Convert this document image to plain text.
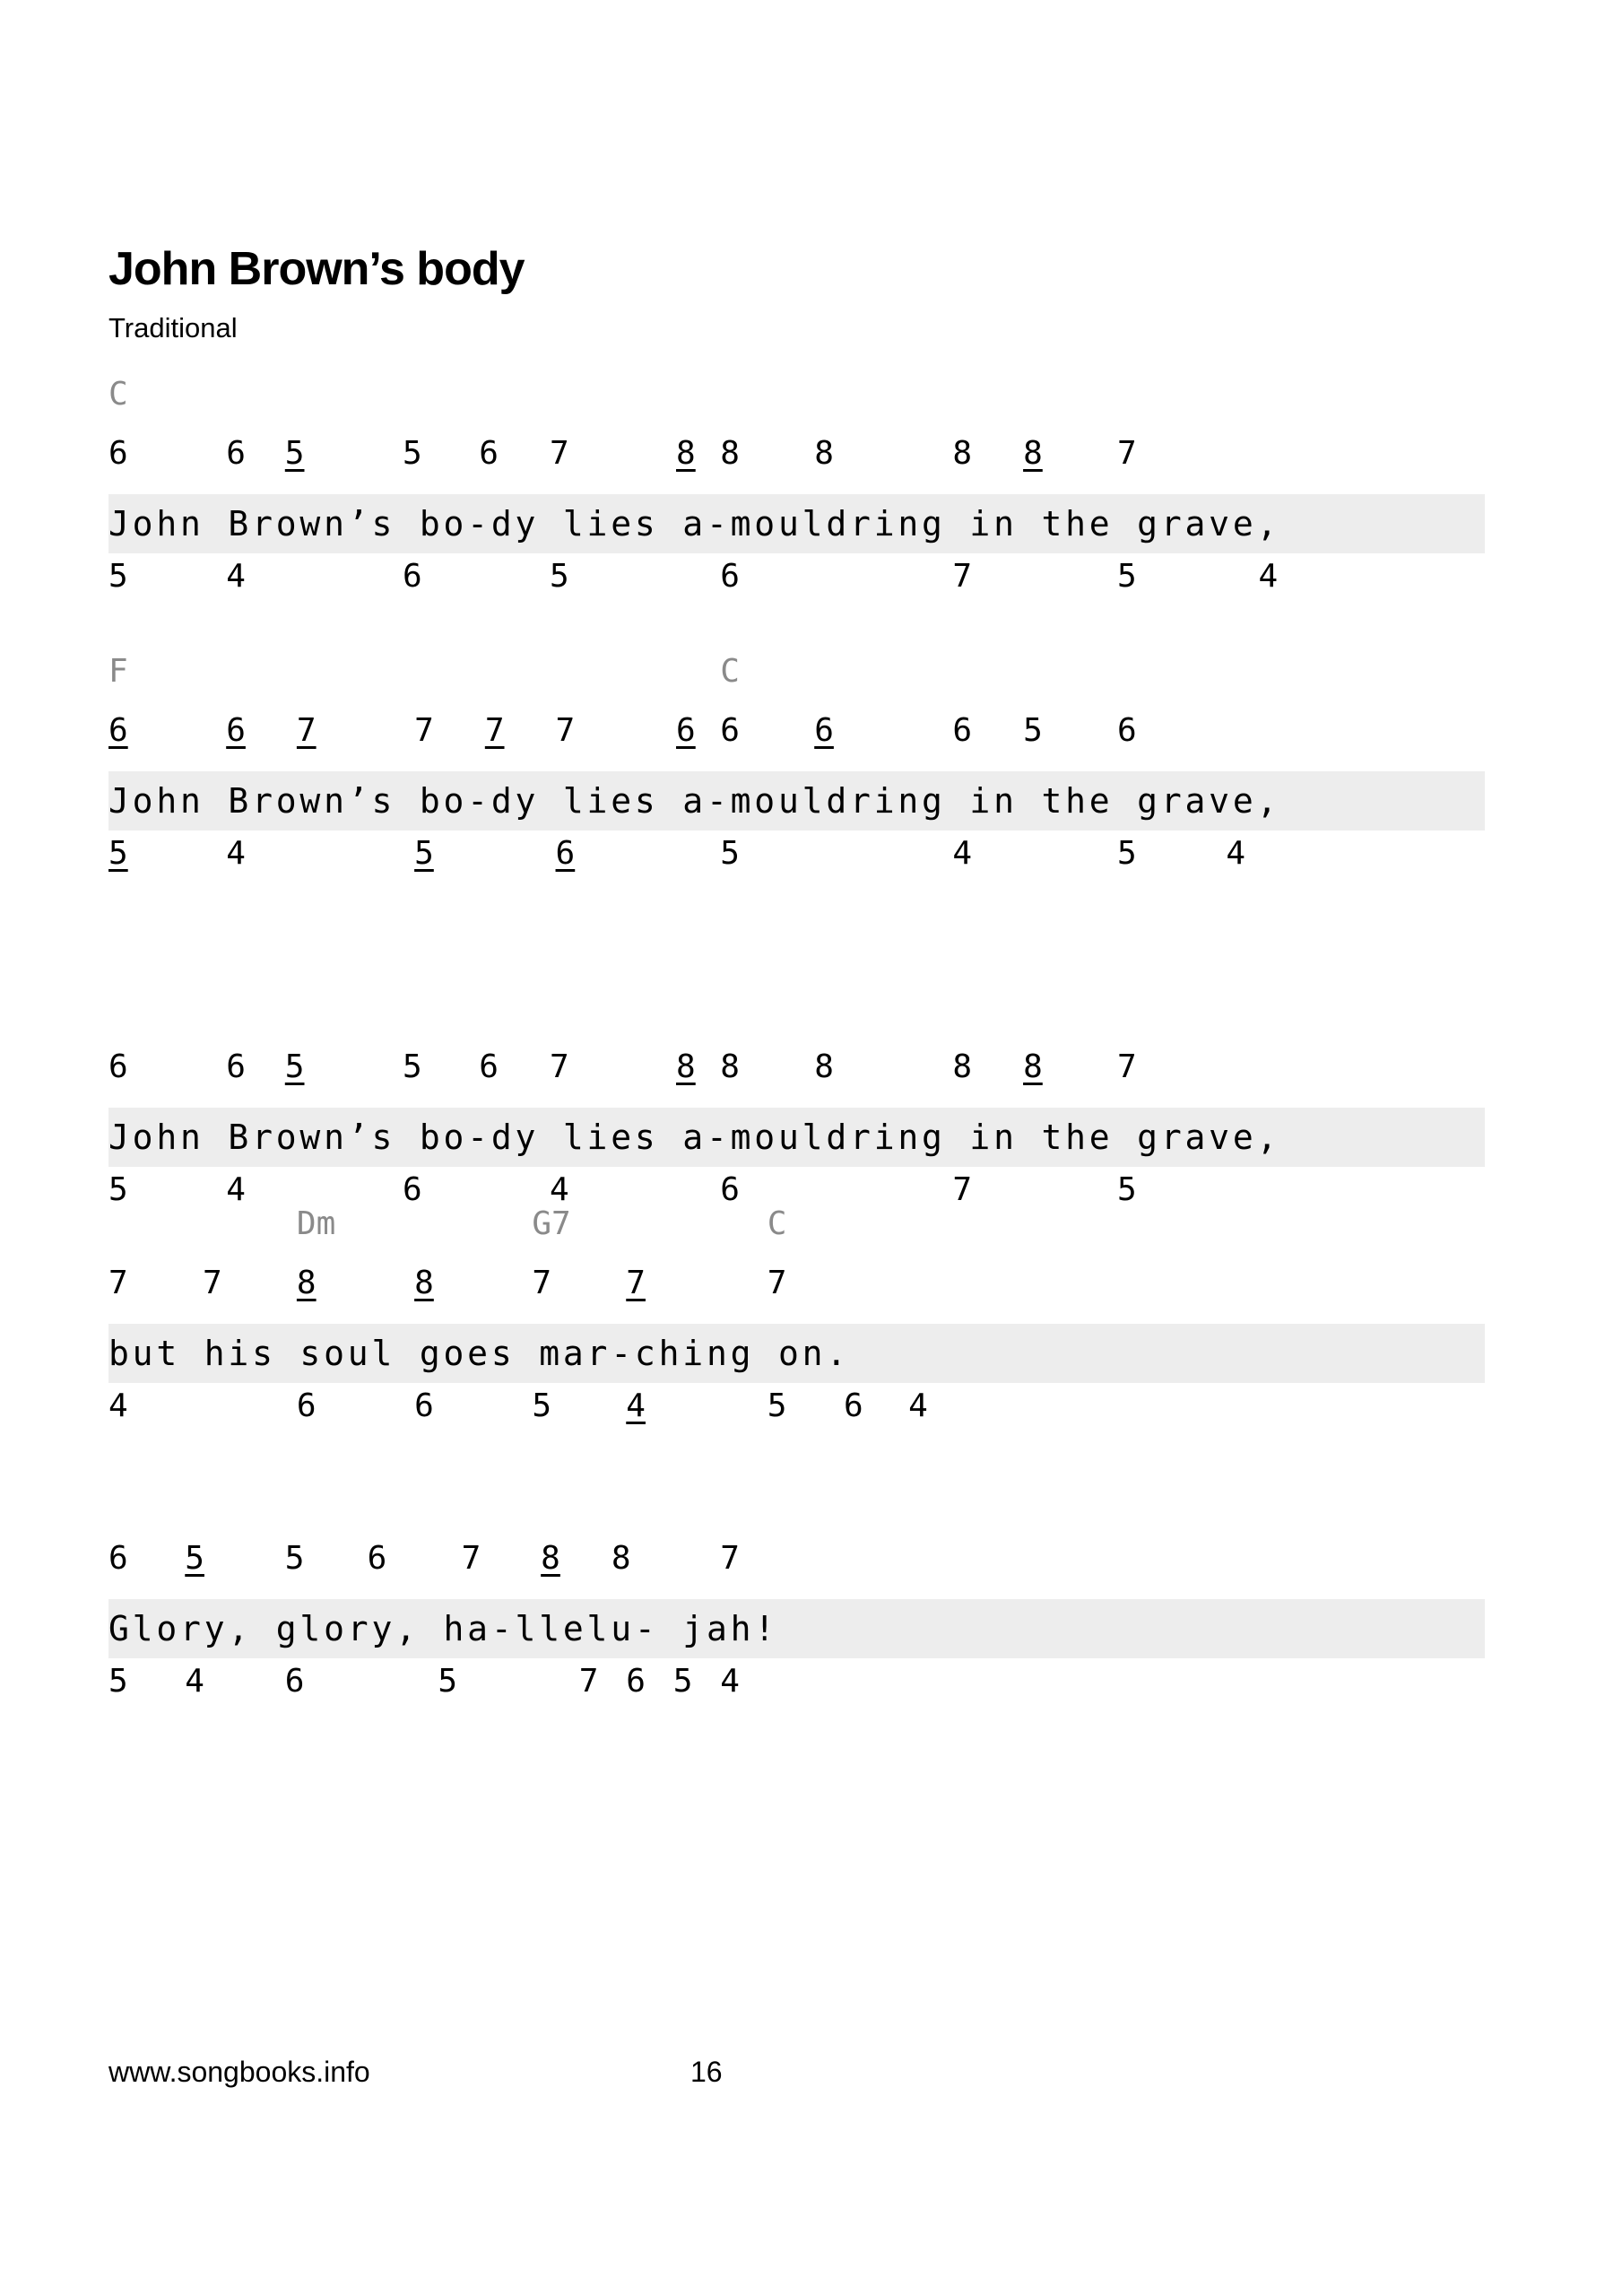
John Brown’s body
Traditional
C
6	6 5	5 6 7	8 8 8	8 8 7
John Brown’s bo-dy lies a-mouldring in the grave,
5	4	6	5	6	7	5	4
F	C
6	6 7	7 7 7	6 6 6	6 5 6
John Brown’s bo-dy lies a-mouldring in the grave,
5	4	5	6	5	4	5	4
6	6 5	5 6 7	8 8 8	8 8 7
John Brown’s bo-dy lies a-mouldring in the grave,
5	4	6	4	6	7	5
Dm	G7	C
7 7 8	8	7 7	7
but his soul goes mar-ching on.
4	6	6	5 4	5 6 4
6 5 5 6 7 8 8	7
Glory, glory, ha-llelu- jah!
5 4 6	5	7 6 5 4
www.songbooks.info	16
